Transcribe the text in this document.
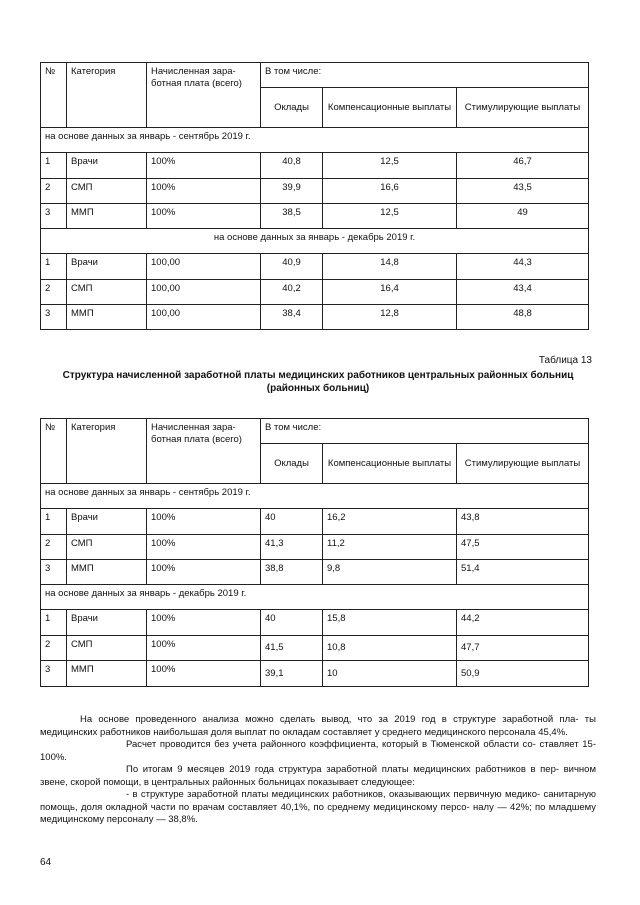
№	Категория	Начисленная зара- ботная плата (всего)	В том числе:		
			Оклады	Компенсационные выплаты	Стимулирующие выплаты
на основе данных за январь - сентябрь 2019 г.					
1	Врачи	100%	40,8	12,5	46,7
2	СМП	100%	39,9	16,6	43,5
3	ММП	100%	38,5	12,5	49
на основе данных за январь - декабрь 2019 г.					
1	Врачи	100,00	40,9	14,8	44,3
2	СМП	100,00	40,2	16,4	43,4
3	ММП	100,00	38,4	12,8	48,8
Таблица 13
Структура начисленной заработной платы медицинских работников центральных районных больниц (районных больниц)
№	Категория	Начисленная зара- ботная плата (всего)	В том числе:		
			Оклады	Компенсационные выплаты	Стимулирующие выплаты
на основе данных за январь - сентябрь 2019 г.					
1	Врачи	100%	40	16,2	43,8
2	СМП	100%	41,3	11,2	47,5
3	ММП	100%	38,8	9,8	51,4
на основе данных за январь - декабрь 2019 г.					
1	Врачи	100%	40	15,8	44,2
2	СМП	100%	41,5	10,8	47,7
3	ММП	100%	39,1	10	50,9

На основе проведенного анализа можно сделать вывод, что за 2019 год в структуре заработной пла- ты медицинских работников наибольшая доля выплат по окладам составляет у среднего медицинского персонала 45,4%.

Расчет проводится без учета районного коэффициента, который в Тюменской области со- ставляет 15-100%.

По итогам 9 месяцев 2019 года структура заработной платы медицинских работников в пер- вичном звене, скорой помощи, в центральных районных больницах показывает следующее:

- в структуре заработной платы медицинских работников, оказывающих первичную медико- санитарную помощь, доля окладной части по врачам составляет 40,1%, по среднему медицинскому персо- налу — 42%; по младшему медицинскому персоналу — 38,8%.

64
